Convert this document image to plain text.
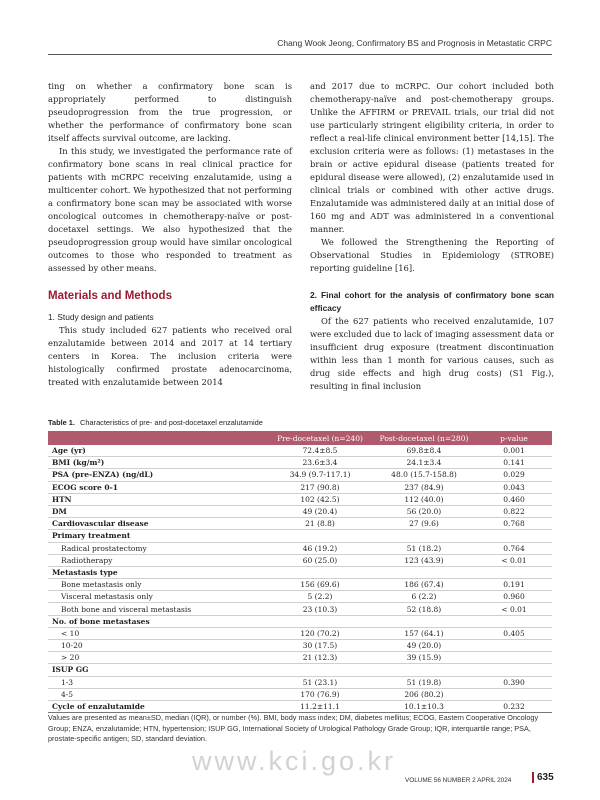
Chang Wook Jeong, Confirmatory BS and Prognosis in Metastatic CRPC

ting on whether a confirmatory bone scan is appropriately performed to distinguish pseudoprogression from the true progression, or whether the performance of confirmatory bone scan itself affects survival outcome, are lacking.

In this study, we investigated the performance rate of confirmatory bone scans in real clinical practice for patients with mCRPC receiving enzalutamide, using a multicenter cohort. We hypothesized that not performing a confirmatory bone scan may be associated with worse oncological outcomes in chemotherapy-naïve or post-docetaxel settings. We also hypothesized that the pseudoprogression group would have similar oncological outcomes to those who responded to treatment as assessed by other means.

Materials and Methods
1. Study design and patients

This study included 627 patients who received oral enzalutamide between 2014 and 2017 at 14 tertiary centers in Korea. The inclusion criteria were histologically confirmed prostate adenocarcinoma, treated with enzalutamide between 2014

and 2017 due to mCRPC. Our cohort included both chemotherapy-naïve and post-chemotherapy groups. Unlike the AFFIRM or PREVAIL trials, our trial did not use particularly stringent eligibility criteria, in order to reflect a real-life clinical environment better [14,15]. The exclusion criteria were as follows: (1) metastases in the brain or active epidural disease (patients treated for epidural disease were allowed), (2) enzalutamide used in clinical trials or combined with other active drugs. Enzalutamide was administered daily at an initial dose of 160 mg and ADT was administered in a conventional manner.

We followed the Strengthening the Reporting of Observational Studies in Epidemiology (STROBE) reporting guideline [16].

2. Final cohort for the analysis of confirmatory bone scan efficacy

Of the 627 patients who received enzalutamide, 107 were excluded due to lack of imaging assessment data or insufficient drug exposure (treatment discontinuation within less than 1 month for various causes, such as drug side effects and high drug costs) (S1 Fig.), resulting in final inclusion

Table 1. Characteristics of pre- and post-docetaxel enzalutamide
	Pre-docetaxel (n=240)	Post-docetaxel (n=280)	p-value
Age (yr)	72.4±8.5	69.8±8.4	0.001
BMI (kg/m²)	23.6±3.4	24.1±3.4	0.141
PSA (pre-ENZA) (ng/dL)	34.9 (9.7-117.1)	48.0 (15.7-158.8)	0.029
ECOG score 0-1	217 (90.8)	237 (84.9)	0.043
HTN	102 (42.5)	112 (40.0)	0.460
DM	49 (20.4)	56 (20.0)	0.822
Cardiovascular disease	21 (8.8)	27 (9.6)	0.768
Primary treatment			
Radical prostatectomy	46 (19.2)	51 (18.2)	0.764
Radiotherapy	60 (25.0)	123 (43.9)	< 0.01
Metastasis type			
Bone metastasis only	156 (69.6)	186 (67.4)	0.191
Visceral metastasis only	5 (2.2)	6 (2.2)	0.960
Both bone and visceral metastasis	23 (10.3)	52 (18.8)	< 0.01
No. of bone metastases			
< 10	120 (70.2)	157 (64.1)	0.405
10-20	30 (17.5)	49 (20.0)	
> 20	21 (12.3)	39 (15.9)	
ISUP GG			
1-3	51 (23.1)	51 (19.8)	0.390
4-5	170 (76.9)	206 (80.2)	
Cycle of enzalutamide	11.2±11.1	10.1±10.3	0.232
Values are presented as mean±SD, median (IQR), or number (%). BMI, body mass index; DM, diabetes mellitus; ECOG, Eastern Cooperative Oncology Group; ENZA, enzalutamide; HTN, hypertension; ISUP GG, International Society of Urological Pathology Grade Group; IQR, interquartile range; PSA, prostate-specific antigen; SD, standard deviation.
www.kci.go.kr
VOLUME 56 NUMBER 2 APRIL 2024	635
